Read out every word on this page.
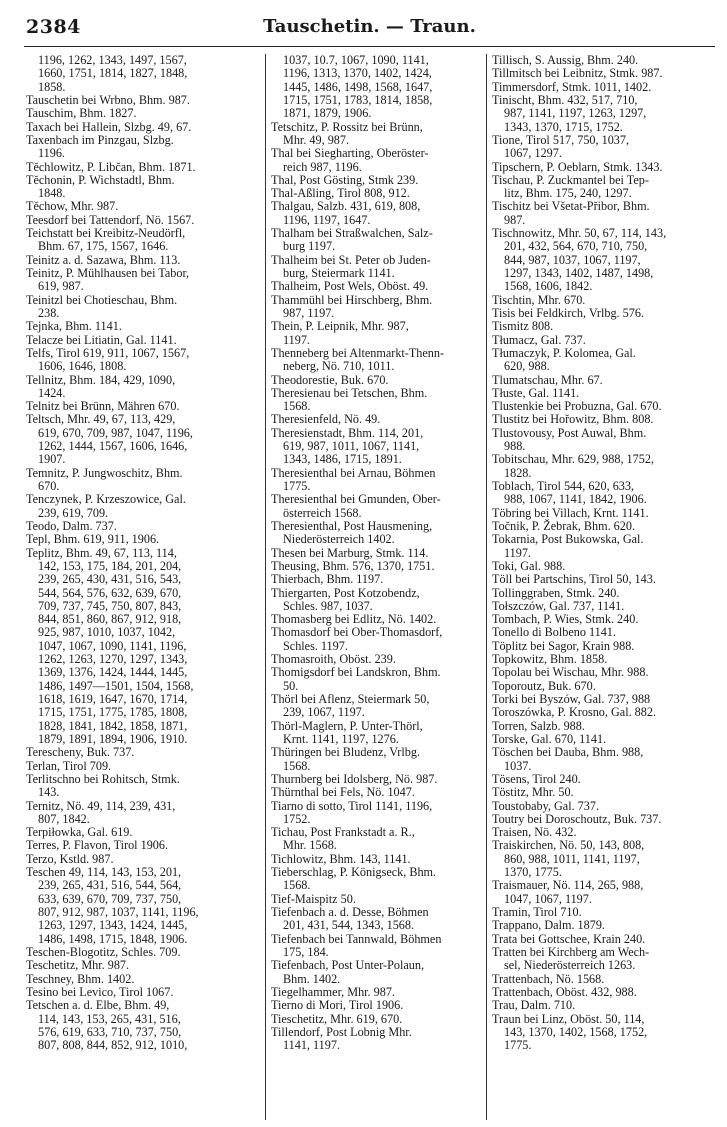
2384	Tauschetin. — Traun.
1196, 1262, 1343, 1497, 1567,
1660, 1751, 1814, 1827, 1848,
1858.
Tauschetin bei Wrbno, Bhm. 987.
Tauschim, Bhm. 1827.
Taxach bei Hallein, Slzbg. 49, 67.
Taxenbach im Pinzgau, Slzbg.
1196.
Těchlowitz, P. Libčan, Bhm. 1871.
Těchonin, P. Wichstadtl, Bhm.
1848.
Těchow, Mhr. 987.
Teesdorf bei Tattendorf, Nö. 1567.
Teichstatt bei Kreibitz-Neudörfl,
Bhm. 67, 175, 1567, 1646.
Teinitz a. d. Sazawa, Bhm. 113.
Teinitz, P. Mühlhausen bei Tabor,
619, 987.
Teinitzl bei Chotieschau, Bhm.
238.
Tejnka, Bhm. 1141.
Telacze bei Litiatin, Gal. 1141.
Telfs, Tirol 619, 911, 1067, 1567,
1606, 1646, 1808.
Tellnitz, Bhm. 184, 429, 1090,
1424.
Telnitz bei Brünn, Mähren 670.
Teltsch, Mhr. 49, 67, 113, 429,
619, 670, 709, 987, 1047, 1196,
1262, 1444, 1567, 1606, 1646,
1907.
Temnitz, P. Jungwoschitz, Bhm.
670.
Tenczynek, P. Krzeszowice, Gal.
239, 619, 709.
Teodo, Dalm. 737.
Tepl, Bhm. 619, 911, 1906.
Teplitz, Bhm. 49, 67, 113, 114,
142, 153, 175, 184, 201, 204,
239, 265, 430, 431, 516, 543,
544, 564, 576, 632, 639, 670,
709, 737, 745, 750, 807, 843,
844, 851, 860, 867, 912, 918,
925, 987, 1010, 1037, 1042,
1047, 1067, 1090, 1141, 1196,
1262, 1263, 1270, 1297, 1343,
1369, 1376, 1424, 1444, 1445,
1486, 1497—1501, 1504, 1568,
1618, 1619, 1647, 1670, 1714,
1715, 1751, 1775, 1785, 1808,
1828, 1841, 1842, 1858, 1871,
1879, 1891, 1894, 1906, 1910.
Terescheny, Buk. 737.
Terlan, Tirol 709.
Terlitschno bei Rohitsch, Stmk.
143.
Ternitz, Nö. 49, 114, 239, 431,
807, 1842.
Terpiłowka, Gal. 619.
Terres, P. Flavon, Tirol 1906.
Terzo, Kstld. 987.
Teschen 49, 114, 143, 153, 201,
239, 265, 431, 516, 544, 564,
633, 639, 670, 709, 737, 750,
807, 912, 987, 1037, 1141, 1196,
1263, 1297, 1343, 1424, 1445,
1486, 1498, 1715, 1848, 1906.
Teschen-Blogotitz, Schles. 709.
Teschetitz, Mhr. 987.
Teschney, Bhm. 1402.
Tesino bei Levico, Tirol 1067.
Tetschen a. d. Elbe, Bhm. 49,
114, 143, 153, 265, 431, 516,
576, 619, 633, 710, 737, 750,
807, 808, 844, 852, 912, 1010,
1037, 10.7, 1067, 1090, 1141,
1196, 1313, 1370, 1402, 1424,
1445, 1486, 1498, 1568, 1647,
1715, 1751, 1783, 1814, 1858,
1871, 1879, 1906.
Tetschitz, P. Rossitz bei Brünn,
Mhr. 49, 987.
Thal bei Siegharting, Oberöster-
reich 987, 1196.
Thal, Post Gösting, Stmk 239.
Thal-Aßling, Tirol 808, 912.
Thalgau, Salzb. 431, 619, 808,
1196, 1197, 1647.
Thalham bei Straßwalchen, Salz-
burg 1197.
Thalheim bei St. Peter ob Juden-
burg, Steiermark 1141.
Thalheim, Post Wels, Oböst. 49.
Thammühl bei Hirschberg, Bhm.
987, 1197.
Thein, P. Leipnik, Mhr. 987,
1197.
Thenneberg bei Altenmarkt-Thenn-
neberg, Nö. 710, 1011.
Theodorestie, Buk. 670.
Theresienau bei Tetschen, Bhm.
1568.
Theresienfeld, Nö. 49.
Theresienstadt, Bhm. 114, 201,
619, 987, 1011, 1067, 1141,
1343, 1486, 1715, 1891.
Theresienthal bei Arnau, Böhmen
1775.
Theresienthal bei Gmunden, Ober-
österreich 1568.
Theresienthal, Post Hausmening,
Niederösterreich 1402.
Thesen bei Marburg, Stmk. 114.
Theusing, Bhm. 576, 1370, 1751.
Thierbach, Bhm. 1197.
Thiergarten, Post Kotzobendz,
Schles. 987, 1037.
Thomasberg bei Edlitz, Nö. 1402.
Thomasdorf bei Ober-Thomasdorf,
Schles. 1197.
Thomasroith, Oböst. 239.
Thomigsdorf bei Landskron, Bhm.
50.
Thörl bei Aflenz, Steiermark 50,
239, 1067, 1197.
Thörl-Maglern, P. Unter-Thörl,
Krnt. 1141, 1197, 1276.
Thüringen bei Bludenz, Vrlbg.
1568.
Thurnberg bei Idolsberg, Nö. 987.
Thürnthal bei Fels, Nö. 1047.
Tiarno di sotto, Tirol 1141, 1196,
1752.
Tichau, Post Frankstadt a. R.,
Mhr. 1568.
Tichlowitz, Bhm. 143, 1141.
Tieberschlag, P. Königseck, Bhm.
1568.
Tief-Maispitz 50.
Tiefenbach a. d. Desse, Böhmen
201, 431, 544, 1343, 1568.
Tiefenbach bei Tannwald, Böhmen
175, 184.
Tiefenbach, Post Unter-Polaun,
Bhm. 1402.
Tiegelhammer, Mhr. 987.
Tierno di Mori, Tirol 1906.
Tieschetitz, Mhr. 619, 670.
Tillendorf, Post Lobnig Mhr.
1141, 1197.
Tillisch, S. Aussig, Bhm. 240.
Tillmitsch bei Leibnitz, Stmk. 987.
Timmersdorf, Stmk. 1011, 1402.
Tinischt, Bhm. 432, 517, 710,
987, 1141, 1197, 1263, 1297,
1343, 1370, 1715, 1752.
Tione, Tirol 517, 750, 1037,
1067, 1297.
Tipschern, P. Oeblarn, Stmk. 1343.
Tischau, P. Zuckmantel bei Tep-
litz, Bhm. 175, 240, 1297.
Tischitz bei Všetat-Přibor, Bhm.
987.
Tischnowitz, Mhr. 50, 67, 114, 143,
201, 432, 564, 670, 710, 750,
844, 987, 1037, 1067, 1197,
1297, 1343, 1402, 1487, 1498,
1568, 1606, 1842.
Tischtin, Mhr. 670.
Tisis bei Feldkirch, Vrlbg. 576.
Tismitz 808.
Tłumacz, Gal. 737.
Tłumaczyk, P. Kolomea, Gal.
620, 988.
Tlumatschau, Mhr. 67.
Tłuste, Gal. 1141.
Tlustenkie bei Probuzna, Gal. 670.
Tlustitz bei Hořowitz, Bhm. 808.
Tlustovousy, Post Auwal, Bhm.
988.
Tobitschau, Mhr. 629, 988, 1752,
1828.
Toblach, Tirol 544, 620, 633,
988, 1067, 1141, 1842, 1906.
Töbring bei Villach, Krnt. 1141.
Točnik, P. Žebrak, Bhm. 620.
Tokarnia, Post Bukowska, Gal.
1197.
Toki, Gal. 988.
Töll bei Partschins, Tirol 50, 143.
Tollinggraben, Stmk. 240.
Tołszczów, Gal. 737, 1141.
Tombach, P. Wies, Stmk. 240.
Tonello di Bolbeno 1141.
Töplitz bei Sagor, Krain 988.
Topkowitz, Bhm. 1858.
Topolau bei Wischau, Mhr. 988.
Toporoutz, Buk. 670.
Torki bei Byszów, Gal. 737, 988
Toroszówka, P. Krosno, Gal. 882.
Torren, Salzb. 988.
Torske, Gal. 670, 1141.
Töschen bei Dauba, Bhm. 988,
1037.
Tösens, Tirol 240.
Töstitz, Mhr. 50.
Toustobaby, Gal. 737.
Toutry bei Doroschoutz, Buk. 737.
Traisen, Nö. 432.
Traiskirchen, Nö. 50, 143, 808,
860, 988, 1011, 1141, 1197,
1370, 1775.
Traismauer, Nö. 114, 265, 988,
1047, 1067, 1197.
Tramin, Tirol 710.
Trappano, Dalm. 1879.
Trata bei Gottschee, Krain 240.
Tratten bei Kirchberg am Wech-
sel, Niederösterreich 1263.
Trattenbach, Nö. 1568.
Trattenbach, Oböst. 432, 988.
Trau, Dalm. 710.
Traun bei Linz, Oböst. 50, 114,
143, 1370, 1402, 1568, 1752,
1775.
